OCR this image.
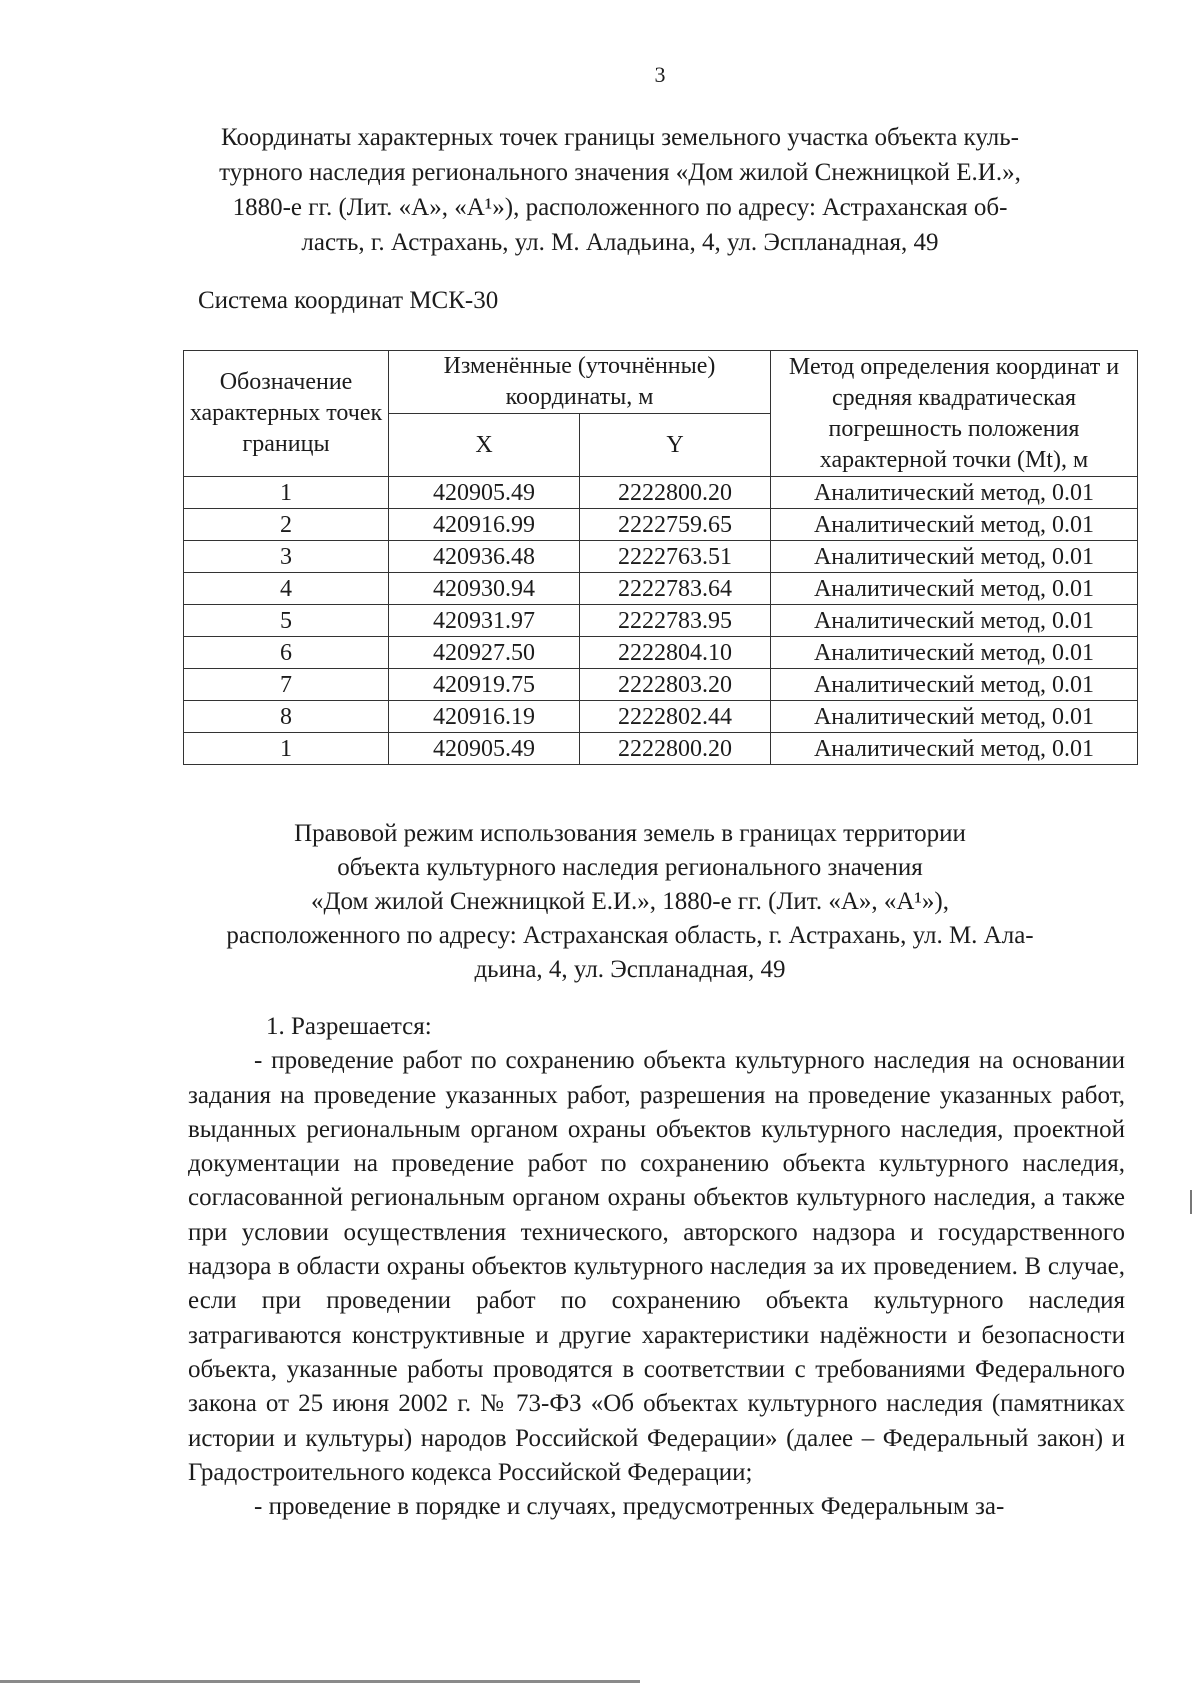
3
Координаты характерных точек границы земельного участка объекта куль-
турного наследия регионального значения «Дом жилой Снежницкой Е.И.»,
1880-е гг. (Лит. «А», «А¹»), расположенного по адресу: Астраханская об-
ласть, г. Астрахань, ул. М. Аладьина, 4, ул. Эспланадная, 49
Система координат МСК-30
Обозначение характерных точек границы	Изменённые (уточнённые) координаты, м		Метод определения координат и средняя квадратическая погрешность положения характерной точки (Mt), м
	X	Y	
1	420905.49	2222800.20	Аналитический метод, 0.01
2	420916.99	2222759.65	Аналитический метод, 0.01
3	420936.48	2222763.51	Аналитический метод, 0.01
4	420930.94	2222783.64	Аналитический метод, 0.01
5	420931.97	2222783.95	Аналитический метод, 0.01
6	420927.50	2222804.10	Аналитический метод, 0.01
7	420919.75	2222803.20	Аналитический метод, 0.01
8	420916.19	2222802.44	Аналитический метод, 0.01
1	420905.49	2222800.20	Аналитический метод, 0.01
Правовой режим использования земель в границах территории
объекта культурного наследия регионального значения
«Дом жилой Снежницкой Е.И.», 1880-е гг. (Лит. «А», «А¹»),
расположенного по адресу: Астраханская область, г. Астрахань, ул. М. Ала-
дьина, 4, ул. Эспланадная, 49

1. Разрешается:

- проведение работ по сохранению объекта культурного наследия на основании задания на проведение указанных работ, разрешения на проведение указанных работ, выданных региональным органом охраны объектов культурного наследия, проектной документации на проведение работ по сохранению объекта культурного наследия, согласованной региональным органом охраны объектов культурного наследия, а также при условии осуществления технического, авторского надзора и государственного надзора в области охраны объектов культурного наследия за их проведением. В случае, если при проведении работ по сохранению объекта культурного наследия затрагиваются конструктивные и другие характеристики надёжности и безопасности объекта, указанные работы проводятся в соответствии с требованиями Федерального закона от 25 июня 2002 г. № 73-ФЗ «Об объектах культурного наследия (памятниках истории и культуры) народов Российской Федерации» (далее – Федеральный закон) и Градостроительного кодекса Российской Федерации;

- проведение в порядке и случаях, предусмотренных Федеральным за-
